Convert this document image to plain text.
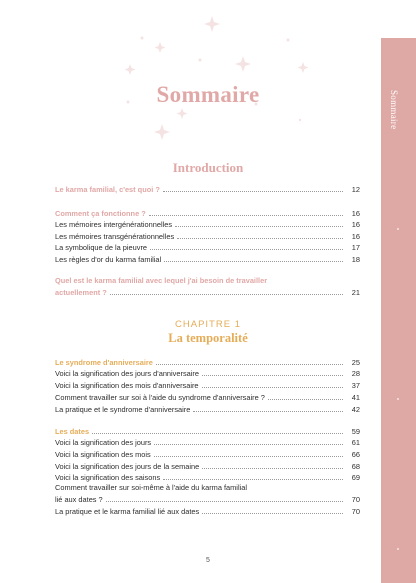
Sommaire
Sommaire
Introduction
Le karma familial, c'est quoi ?	12
Comment ça fonctionne ?	16
Les mémoires intergénérationnelles	16
Les mémoires transgénérationnelles	16
La symbolique de la pieuvre	17
Les règles d'or du karma familial	18
Quel est le karma familial avec lequel j'ai besoin de travailler
actuellement ?	21
CHAPITRE 1
La temporalité
Le syndrome d'anniversaire	25
Voici la signification des jours d'anniversaire	28
Voici la signification des mois d'anniversaire	37
Comment travailler sur soi à l'aide du syndrome d'anniversaire ?	41
La pratique et le syndrome d'anniversaire	42
Les dates	59
Voici la signification des jours	61
Voici la signification des mois	66
Voici la signification des jours de la semaine	68
Voici la signification des saisons	69
Comment travailler sur soi-même à l'aide du karma familial
lié aux dates ?	70
La pratique et le karma familial lié aux dates	70
5
